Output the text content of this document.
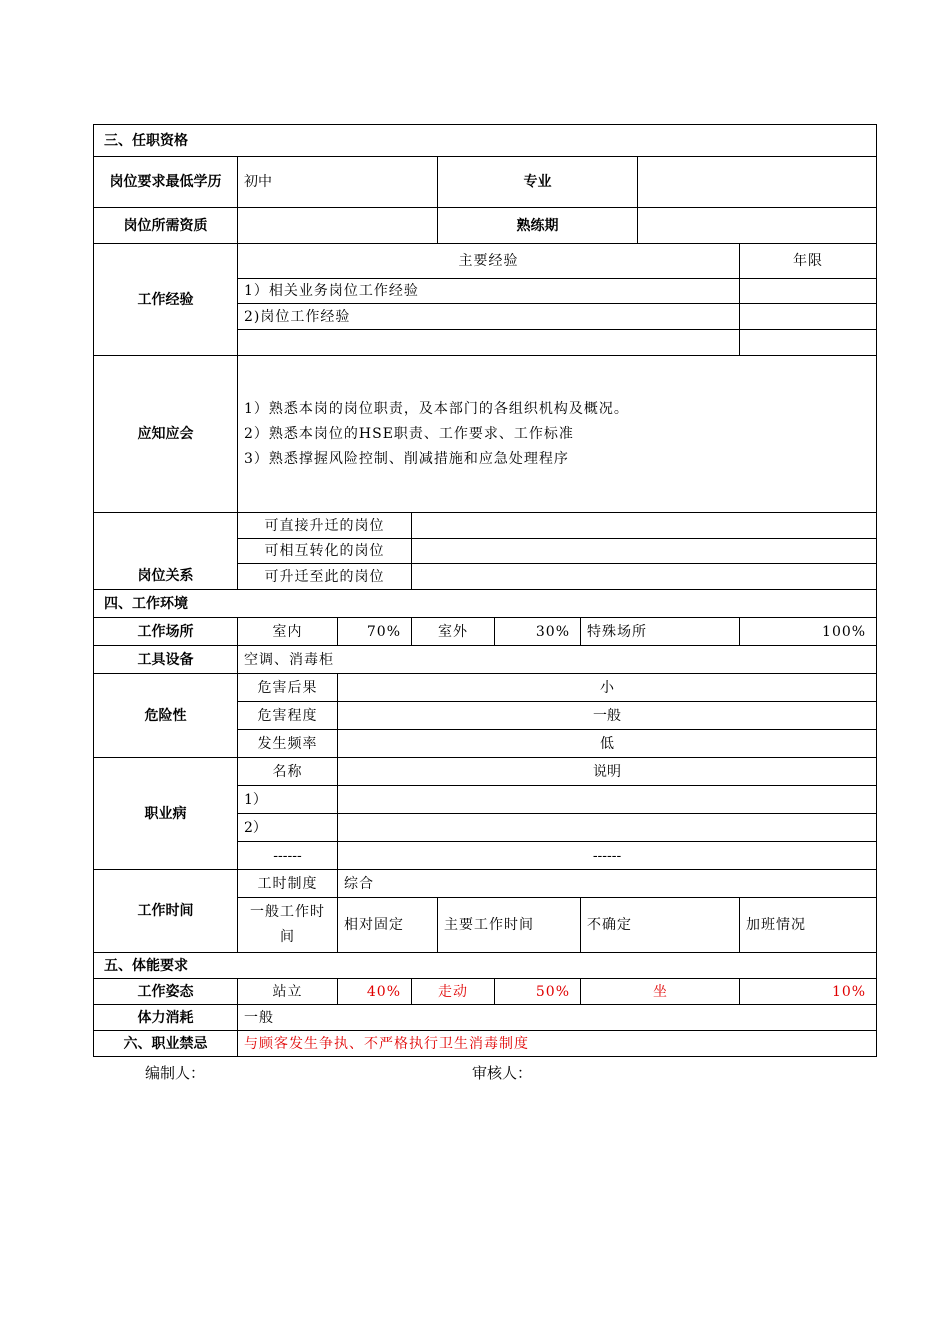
三、任职资格									
岗位要求最低学历	初中			专业					
岗位所需资质				熟练期					
工作经验	主要经验							年限	
	1）相关业务岗位工作经验								
	2)岗位工作经验								

应知应会	1）熟悉本岗的岗位职责，及本部门的各组织机构及概况。
2）熟悉本岗位的HSE职责、工作要求、工作标准
3）熟悉撑握风险控制、削减措施和应急处理程序								

岗位关系	可直接升迁的岗位								
	可相互转化的岗位								
	可升迁至此的岗位								
四、工作环境									
工作场所	室内	70%	室外		30%	特殊场所		100%	
工具设备	空调、消毒柜								
危险性	危害后果	小							
	危害程度	一般							
	发生频率	低							
职业病	名称	说明							
	1）								
	2）								
	------	------							
工作时间	工时制度	综合							
	一般工作时间	相对固定		主要工作时间		不确定		加班情况	
五、体能要求									
工作姿态	站立	40%	走动		50%	坐		10%	
体力消耗	一般								
六、职业禁忌	与顾客发生争执、不严格执行卫生消毒制度								
编制人：	审核人：
